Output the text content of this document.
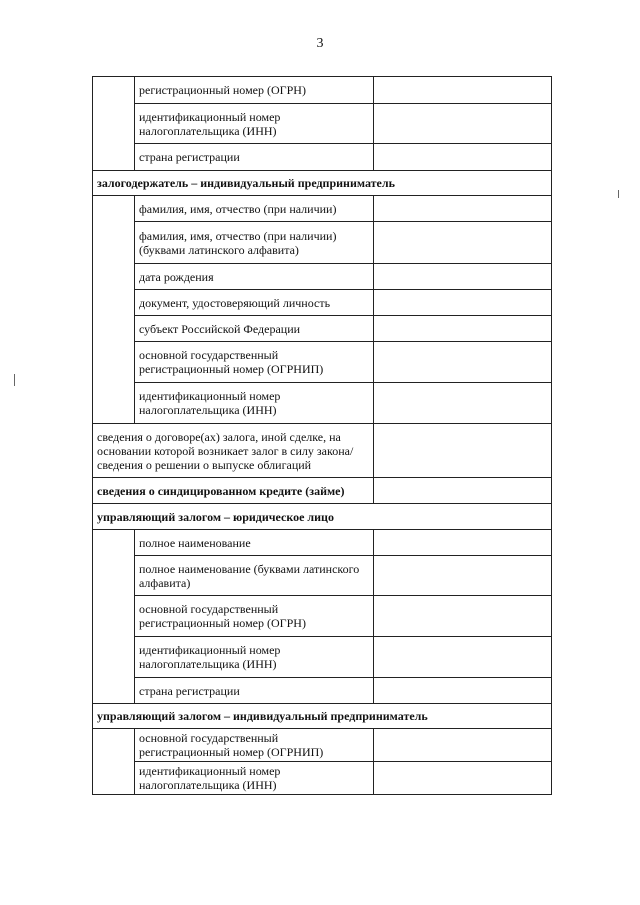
3
	регистрационный номер (ОГРН)	
	идентификационный номер налогоплательщика (ИНН)	
	страна регистрации	
залогодержатель – индивидуальный предприниматель		
	фамилия, имя, отчество (при наличии)	
	фамилия, имя, отчество (при наличии) (буквами латинского алфавита)	
	дата рождения	
	документ, удостоверяющий личность	
	субъект Российской Федерации	
	основной государственный регистрационный номер (ОГРНИП)	
	идентификационный номер налогоплательщика (ИНН)	
сведения о договоре(ах) залога, иной сделке, на основании которой возникает залог в силу закона/сведения о решении о выпуске облигаций		
сведения о синдицированном кредите (займе)		
управляющий залогом – юридическое лицо		
	полное наименование	
	полное наименование (буквами латинского алфавита)	
	основной государственный регистрационный номер (ОГРН)	
	идентификационный номер налогоплательщика (ИНН)	
	страна регистрации	
управляющий залогом – индивидуальный предприниматель		
	основной государственный регистрационный номер (ОГРНИП)	
	идентификационный номер налогоплательщика (ИНН)	
